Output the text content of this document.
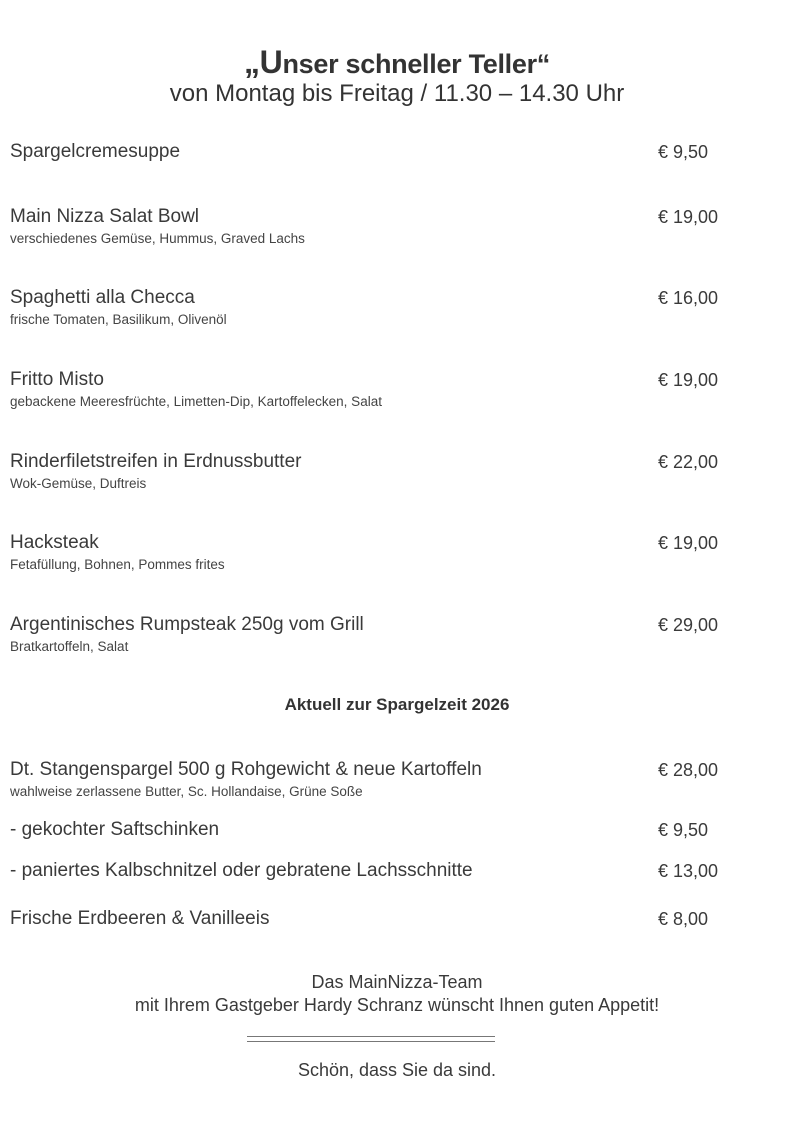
„Unser schneller Teller“
von Montag bis Freitag / 11.30 – 14.30 Uhr
Spargelcremesuppe	€ 9,50
Main Nizza Salat Bowl
verschiedenes Gemüse, Hummus, Graved Lachs
€ 19,00
Spaghetti alla Checca
frische Tomaten, Basilikum, Olivenöl
€ 16,00
Fritto Misto
gebackene Meeresfrüchte, Limetten-Dip, Kartoffelecken, Salat
€ 19,00
Rinderfiletstreifen in Erdnussbutter
Wok-Gemüse, Duftreis
€ 22,00
Hacksteak
Fetafüllung, Bohnen, Pommes frites
€ 19,00
Argentinisches Rumpsteak 250g vom Grill
Bratkartoffeln, Salat
€ 29,00
Aktuell zur Spargelzeit 2026
Dt. Stangenspargel 500 g Rohgewicht & neue Kartoffeln
wahlweise zerlassene Butter, Sc. Hollandaise, Grüne Soße
€ 28,00
- gekochter Saftschinken	€ 9,50
- paniertes Kalbschnitzel oder gebratene Lachsschnitte	€ 13,00
Frische Erdbeeren & Vanilleeis	€ 8,00
Das MainNizza-Team
mit Ihrem Gastgeber Hardy Schranz wünscht Ihnen guten Appetit!
Schön, dass Sie da sind.
